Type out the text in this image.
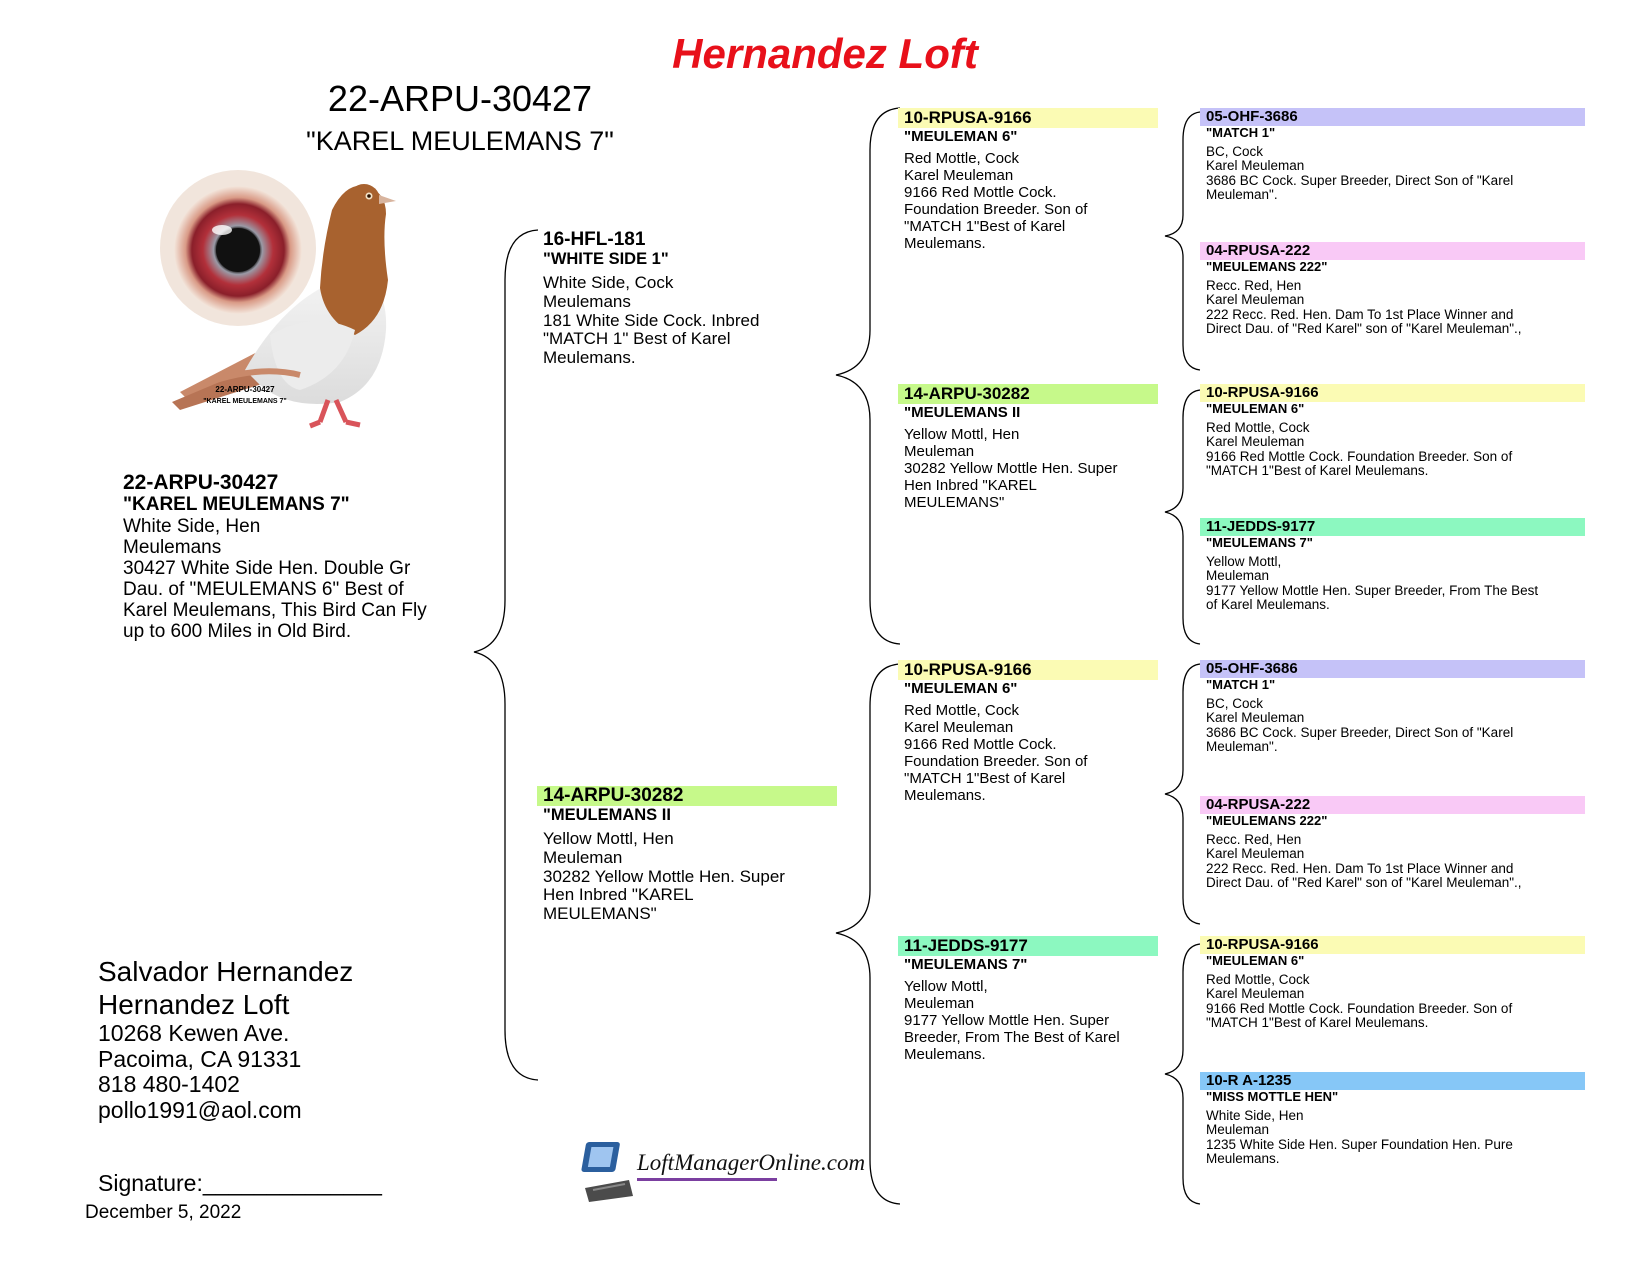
Hernandez Loft
22-ARPU-30427
"KAREL MEULEMANS 7"
22-ARPU-30427
"KAREL MEULEMANS 7"
22-ARPU-30427
"KAREL MEULEMANS 7"
White Side, Hen
Meulemans
30427 White Side Hen. Double Gr
Dau. of "MEULEMANS 6" Best of
Karel Meulemans, This Bird Can Fly
up to 600 Miles in Old Bird.
Salvador Hernandez
Hernandez Loft
10268 Kewen Ave.
Pacoima, CA 91331
818 480-1402
pollo1991@aol.com
Signature:______________
December 5, 2022
16-HFL-181
"WHITE SIDE 1"
White Side, Cock
Meulemans
181 White Side Cock. Inbred
"MATCH 1" Best of Karel
Meulemans.
14-ARPU-30282
"MEULEMANS II
Yellow Mottl, Hen
Meuleman
30282 Yellow Mottle Hen. Super
Hen Inbred "KAREL
MEULEMANS"
10-RPUSA-9166
"MEULEMAN 6"
Red Mottle, Cock
Karel Meuleman
9166 Red Mottle Cock.
Foundation Breeder. Son of
"MATCH 1"Best of Karel
Meulemans.
14-ARPU-30282
"MEULEMANS II
Yellow Mottl, Hen
Meuleman
30282 Yellow Mottle Hen. Super
Hen Inbred "KAREL
MEULEMANS"
10-RPUSA-9166
"MEULEMAN 6"
Red Mottle, Cock
Karel Meuleman
9166 Red Mottle Cock.
Foundation Breeder. Son of
"MATCH 1"Best of Karel
Meulemans.
11-JEDDS-9177
"MEULEMANS 7"
Yellow Mottl,
Meuleman
9177 Yellow Mottle Hen. Super
Breeder, From The Best of Karel
Meulemans.
05-OHF-3686
"MATCH 1"
BC, Cock
Karel Meuleman
3686 BC Cock. Super Breeder, Direct Son of "Karel
Meuleman".
04-RPUSA-222
"MEULEMANS 222"
Recc. Red, Hen
Karel Meuleman
222 Recc. Red. Hen. Dam To 1st Place Winner and
Direct Dau. of "Red Karel" son of "Karel Meuleman".,
10-RPUSA-9166
"MEULEMAN 6"
Red Mottle, Cock
Karel Meuleman
9166 Red Mottle Cock. Foundation Breeder. Son of
"MATCH 1"Best of Karel Meulemans.
11-JEDDS-9177
"MEULEMANS 7"
Yellow Mottl,
Meuleman
9177 Yellow Mottle Hen. Super Breeder, From The Best
of Karel Meulemans.
05-OHF-3686
"MATCH 1"
BC, Cock
Karel Meuleman
3686 BC Cock. Super Breeder, Direct Son of "Karel
Meuleman".
04-RPUSA-222
"MEULEMANS 222"
Recc. Red, Hen
Karel Meuleman
222 Recc. Red. Hen. Dam To 1st Place Winner and
Direct Dau. of "Red Karel" son of "Karel Meuleman".,
10-RPUSA-9166
"MEULEMAN 6"
Red Mottle, Cock
Karel Meuleman
9166 Red Mottle Cock. Foundation Breeder. Son of
"MATCH 1"Best of Karel Meulemans.
10-R A-1235
"MISS MOTTLE HEN"
White Side, Hen
Meuleman
1235 White Side Hen. Super Foundation Hen. Pure
Meulemans.
LoftManagerOnline.com
